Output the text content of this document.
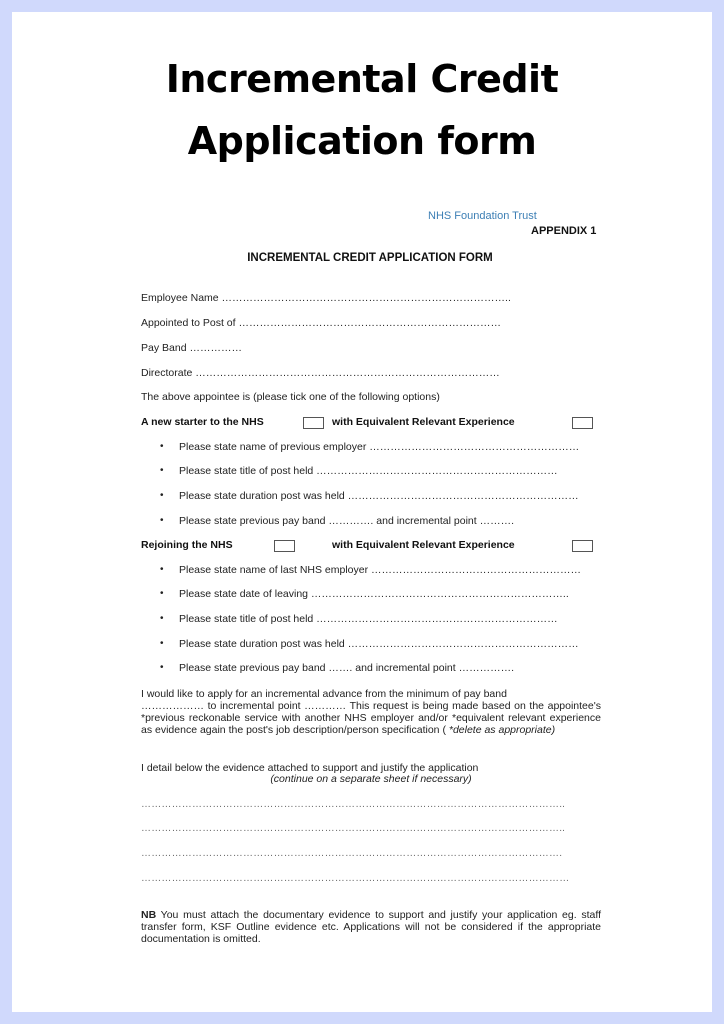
Incremental Credit
Application form
NHS Foundation Trust
APPENDIX 1
INCREMENTAL CREDIT APPLICATION FORM
Employee Name ………………………………………………………………………..
Appointed to Post of …………………………………………………………………
Pay Band ……………
Directorate ……………………………………………………………………………
The above appointee is (please tick one of the following options)
A new starter to the NHS	with Equivalent Relevant Experience
• Please state name of previous employer ……………………………………………………
• Please state title of post held ……………………………………………………………
• Please state duration post was held …………………………………………………………
• Please state previous pay band …………. and incremental point ……….
Rejoining the NHS	with Equivalent Relevant Experience
• Please state name of last NHS employer ……………………………………………………
• Please state date of leaving ………………………………………………………………..
• Please state title of post held ……………………………………………………………
• Please state duration post was held …………………………………………………………
• Please state previous pay band ……. and incremental point …………….
I would like to apply for an incremental advance from the minimum of pay band
……………… to incremental point ………… This request is being made based on the appointee's *previous reckonable service with another NHS employer and/or *equivalent relevant experience as evidence again the post's job description/person specification ( *delete as appropriate)
I detail below the evidence attached to support and justify the application
(continue on a separate sheet if necessary)
……………………………………………………………………………………………………………..
……………………………………………………………………………………………………………..
…………………………………………………………………………………………………………….
………………………………………………………………………………………………………………
NB You must attach the documentary evidence to support and justify your application eg. staff transfer form, KSF Outline evidence etc. Applications will not be considered if the appropriate documentation is omitted.
